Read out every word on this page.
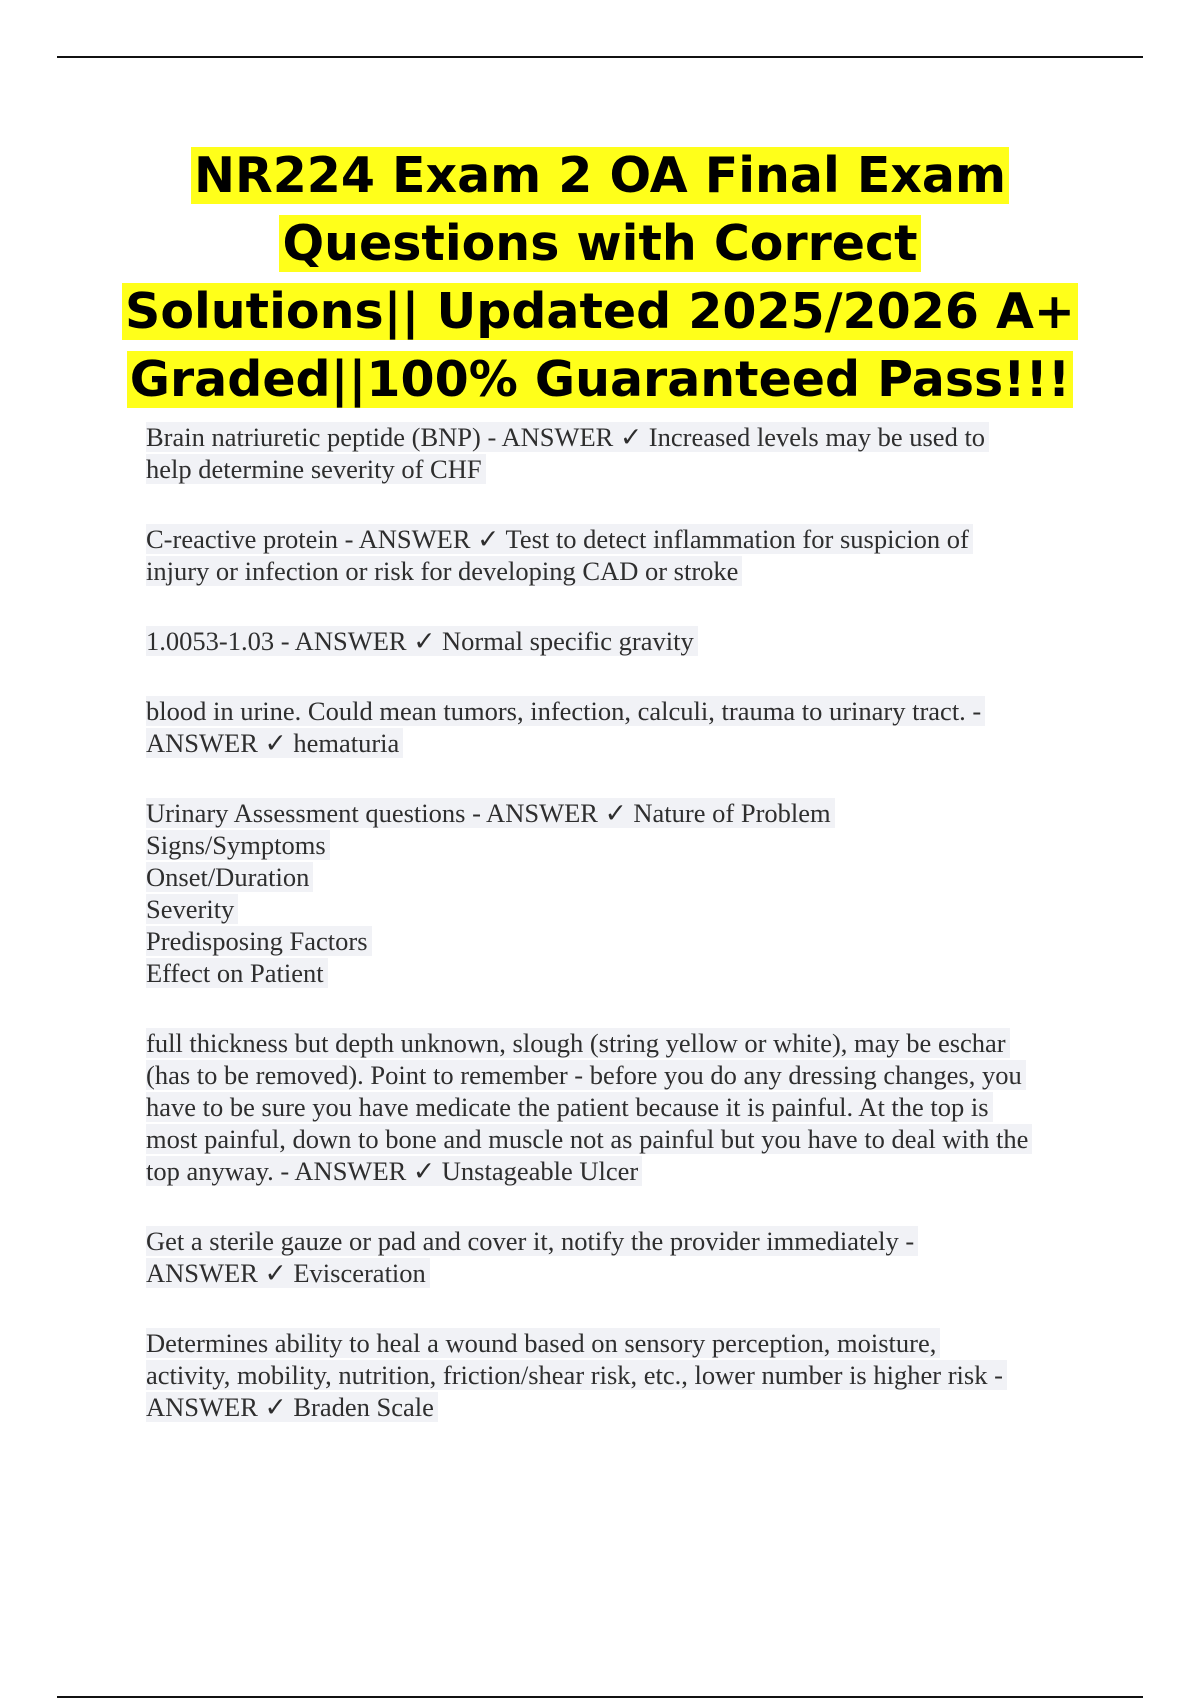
NR224 Exam 2 OA Final Exam
Questions with Correct
Solutions|| Updated 2025/2026 A+
Graded||100% Guaranteed Pass!!!
Brain natriuretic peptide (BNP) - ANSWER ✓ Increased levels may be used to
help determine severity of CHF
C-reactive protein - ANSWER ✓ Test to detect inflammation for suspicion of
injury or infection or risk for developing CAD or stroke
1.0053-1.03 - ANSWER ✓ Normal specific gravity
blood in urine. Could mean tumors, infection, calculi, trauma to urinary tract. -
ANSWER ✓ hematuria
Urinary Assessment questions - ANSWER ✓ Nature of Problem
Signs/Symptoms
Onset/Duration
Severity
Predisposing Factors
Effect on Patient
full thickness but depth unknown, slough (string yellow or white), may be eschar
(has to be removed). Point to remember - before you do any dressing changes, you
have to be sure you have medicate the patient because it is painful. At the top is
most painful, down to bone and muscle not as painful but you have to deal with the
top anyway. - ANSWER ✓ Unstageable Ulcer
Get a sterile gauze or pad and cover it, notify the provider immediately -
ANSWER ✓ Evisceration
Determines ability to heal a wound based on sensory perception, moisture,
activity, mobility, nutrition, friction/shear risk, etc., lower number is higher risk -
ANSWER ✓ Braden Scale
